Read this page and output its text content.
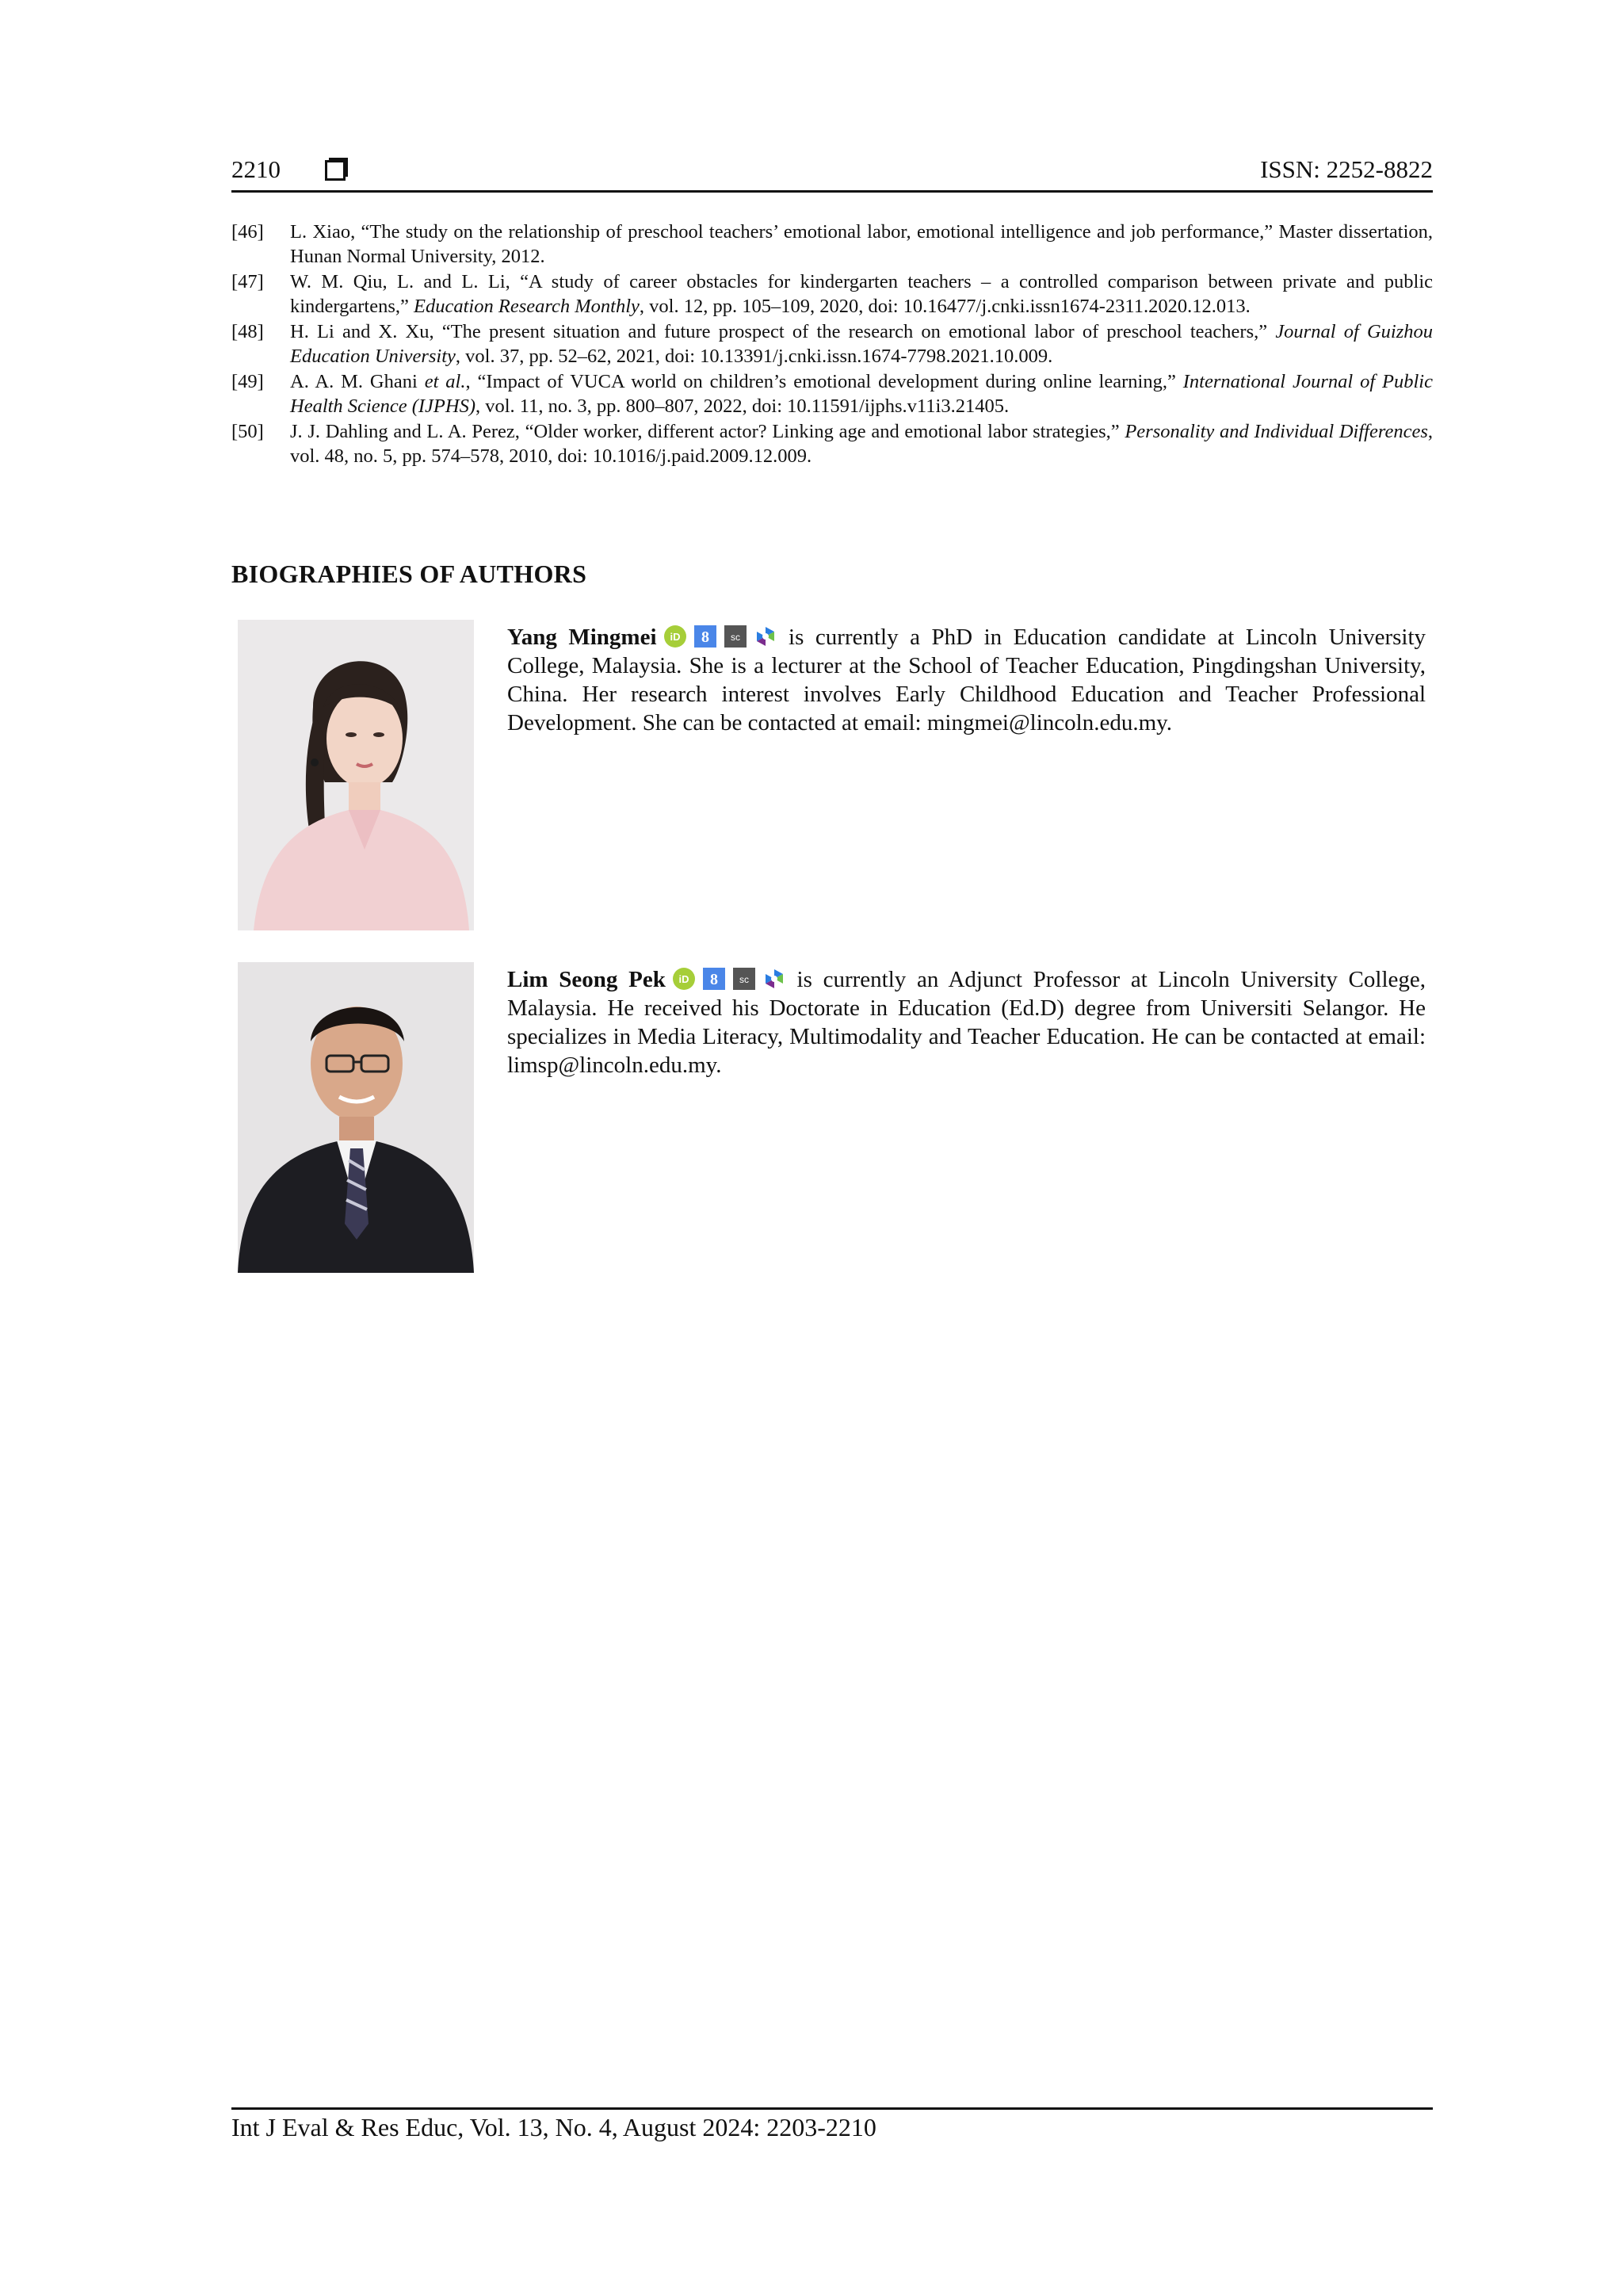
2210	ISSN: 2252-8822
[46] L. Xiao, “The study on the relationship of preschool teachers’ emotional labor, emotional intelligence and job performance,” Master dissertation, Hunan Normal University, 2012.
[47] W. M. Qiu, L. and L. Li, “A study of career obstacles for kindergarten teachers – a controlled comparison between private and public kindergartens,” Education Research Monthly, vol. 12, pp. 105–109, 2020, doi: 10.16477/j.cnki.issn1674-2311.2020.12.013.
[48] H. Li and X. Xu, “The present situation and future prospect of the research on emotional labor of preschool teachers,” Journal of Guizhou Education University, vol. 37, pp. 52–62, 2021, doi: 10.13391/j.cnki.issn.1674-7798.2021.10.009.
[49] A. A. M. Ghani et al., “Impact of VUCA world on children’s emotional development during online learning,” International Journal of Public Health Science (IJPHS), vol. 11, no. 3, pp. 800–807, 2022, doi: 10.11591/ijphs.v11i3.21405.
[50] J. J. Dahling and L. A. Perez, “Older worker, different actor? Linking age and emotional labor strategies,” Personality and Individual Differences, vol. 48, no. 5, pp. 574–578, 2010, doi: 10.1016/j.paid.2009.12.009.
BIOGRAPHIES OF AUTHORS
Yang Mingmei iD 8 sc is currently a PhD in Education candidate at Lincoln University College, Malaysia. She is a lecturer at the School of Teacher Education, Pingdingshan University, China. Her research interest involves Early Childhood Education and Teacher Professional Development. She can be contacted at email: mingmei@lincoln.edu.my.
Lim Seong Pek iD 8 sc is currently an Adjunct Professor at Lincoln University College, Malaysia. He received his Doctorate in Education (Ed.D) degree from Universiti Selangor. He specializes in Media Literacy, Multimodality and Teacher Education. He can be contacted at email: limsp@lincoln.edu.my.
Int J Eval & Res Educ, Vol. 13, No. 4, August 2024: 2203-2210
